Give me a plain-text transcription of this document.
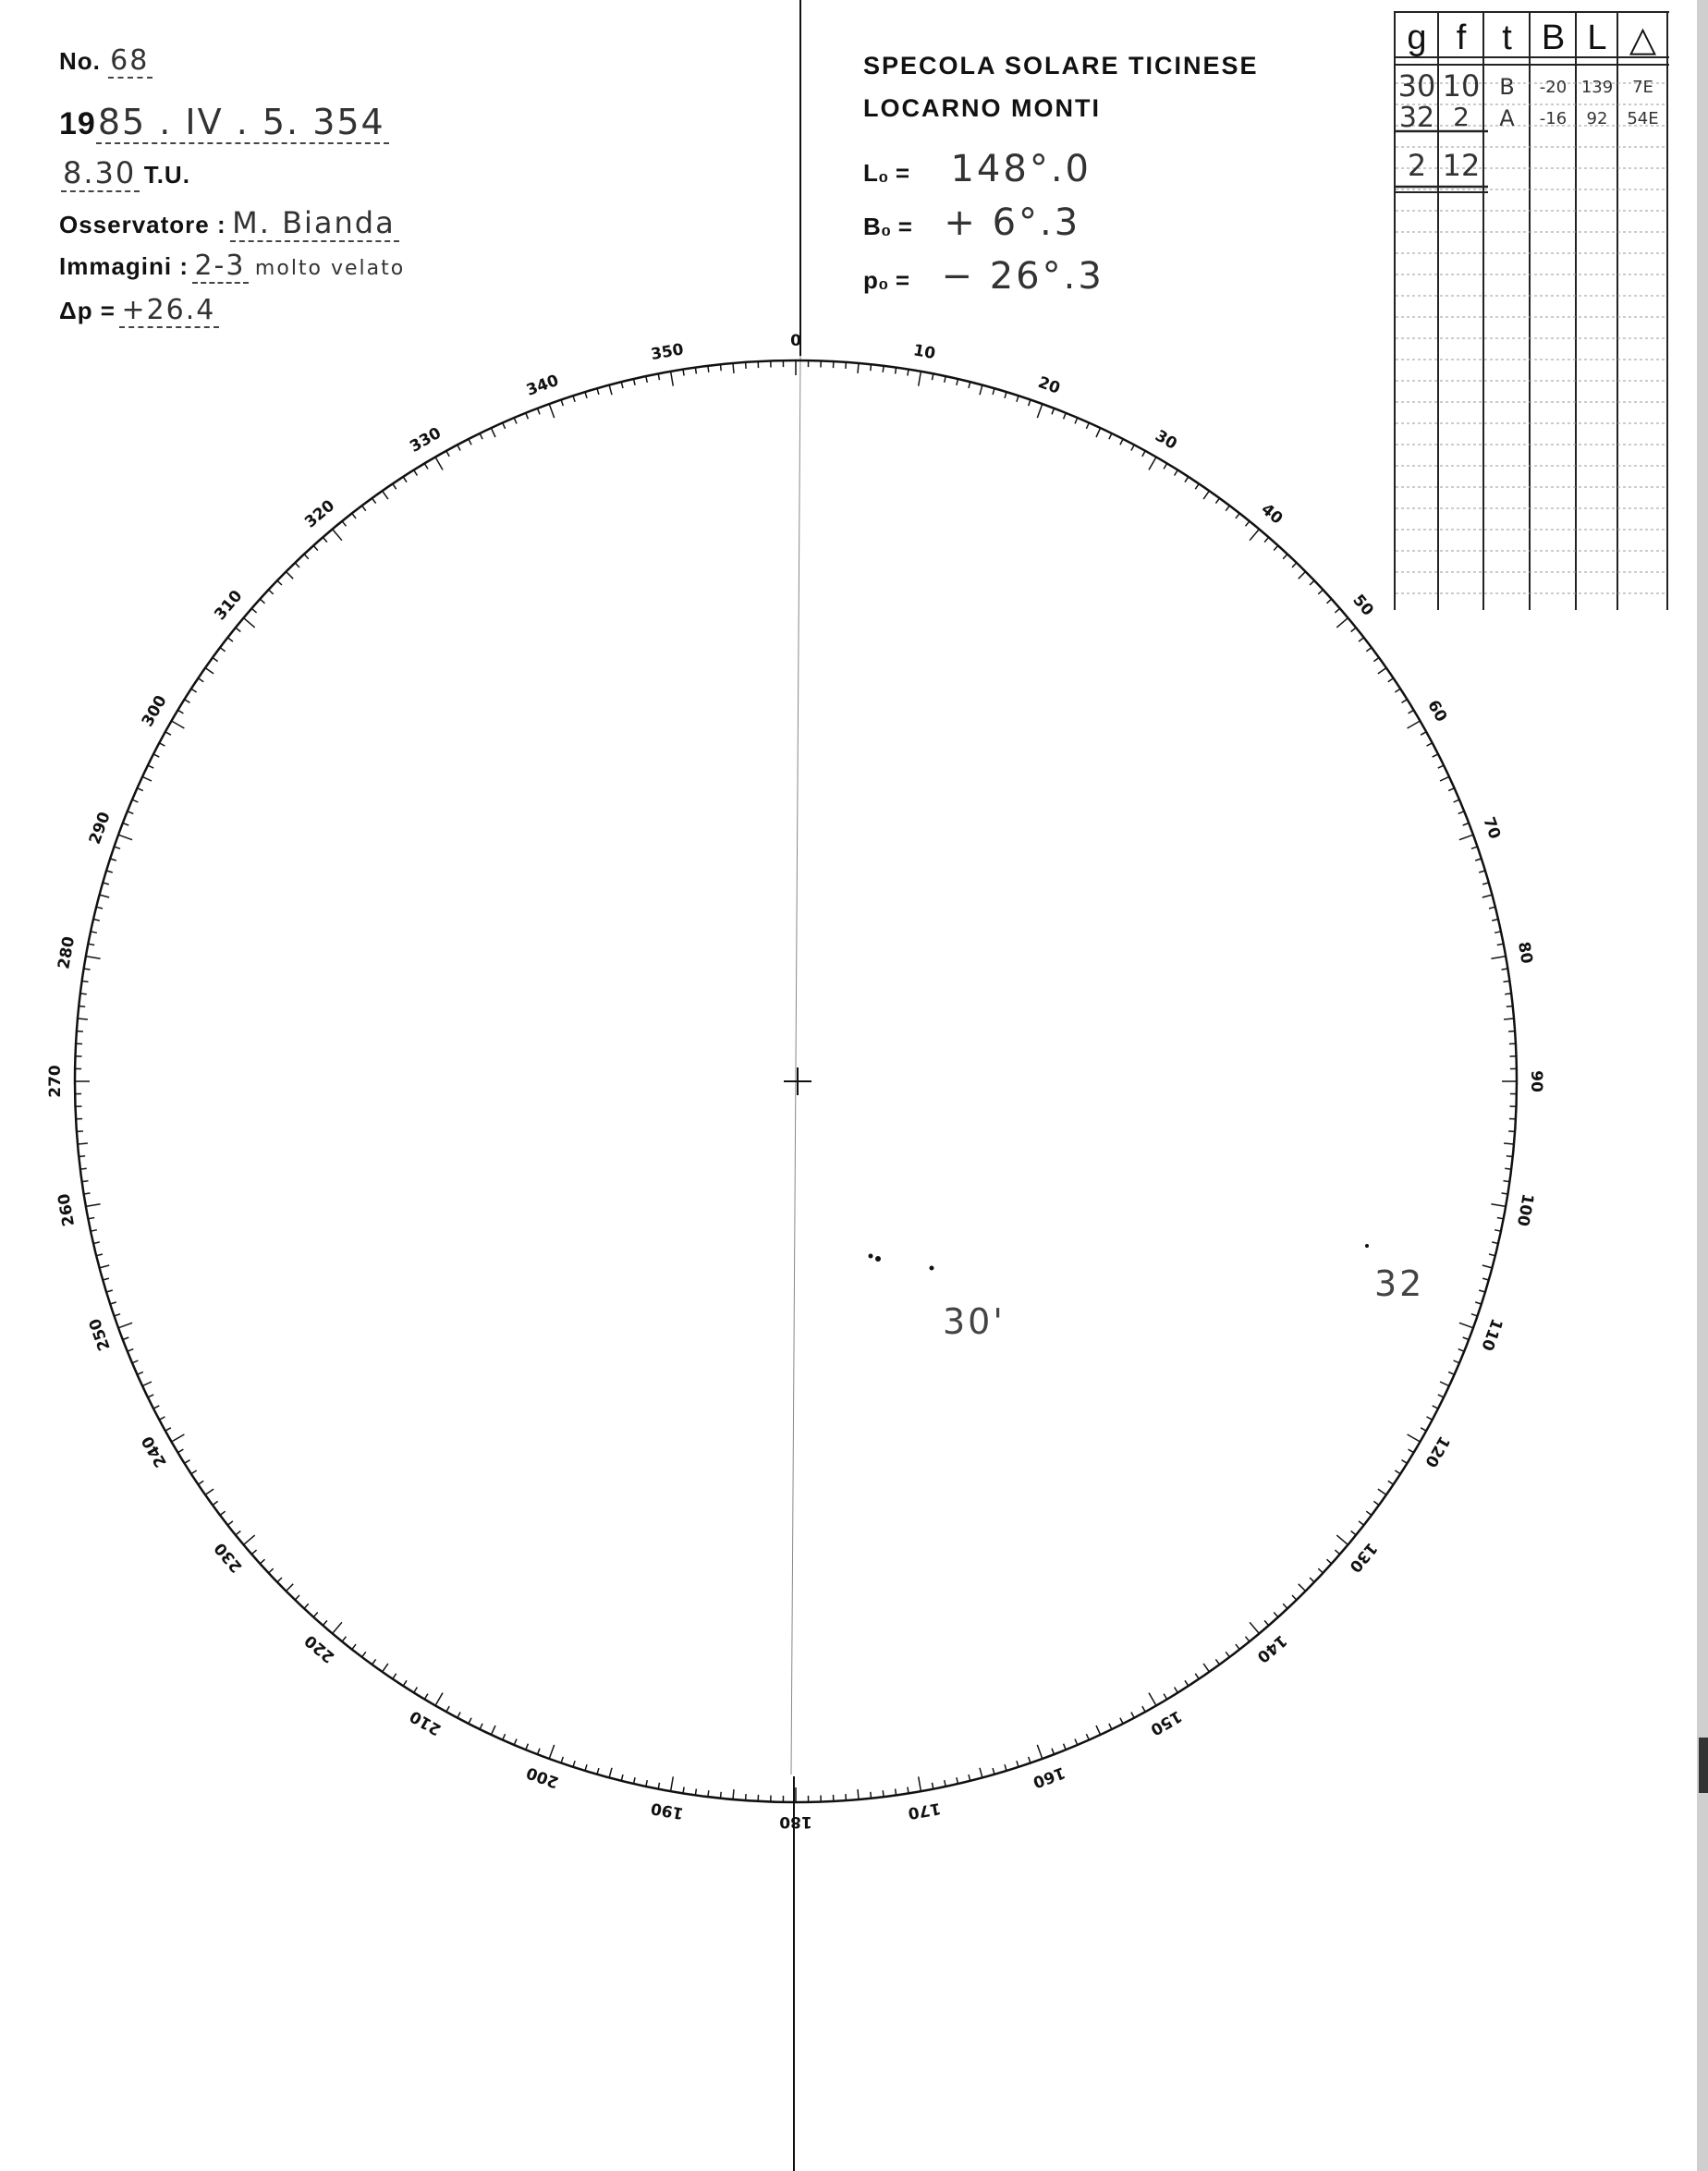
No. 68
1985 . IV . 5. 354
8.30 T.U.
Osservatore : M. Bianda
Immagini : 2-3 molto velato
Δp = +26.4
SPECOLA SOLARE TICINESE
LOCARNO MONTI
L₀ = 148°.0
B₀ = + 6°.3
p₀ = − 26°.3
g f	t B L △
30 10 B	-20 139	7E
32 2	A	-16	92	54E
2 12
0
10
20
30
40
50
60
70
80
90
100
110
120
130
140
150
160
170
180
190
200
210
220
230
240
250
260
270
280
290
300
310
320
330
340
350
30'
32
